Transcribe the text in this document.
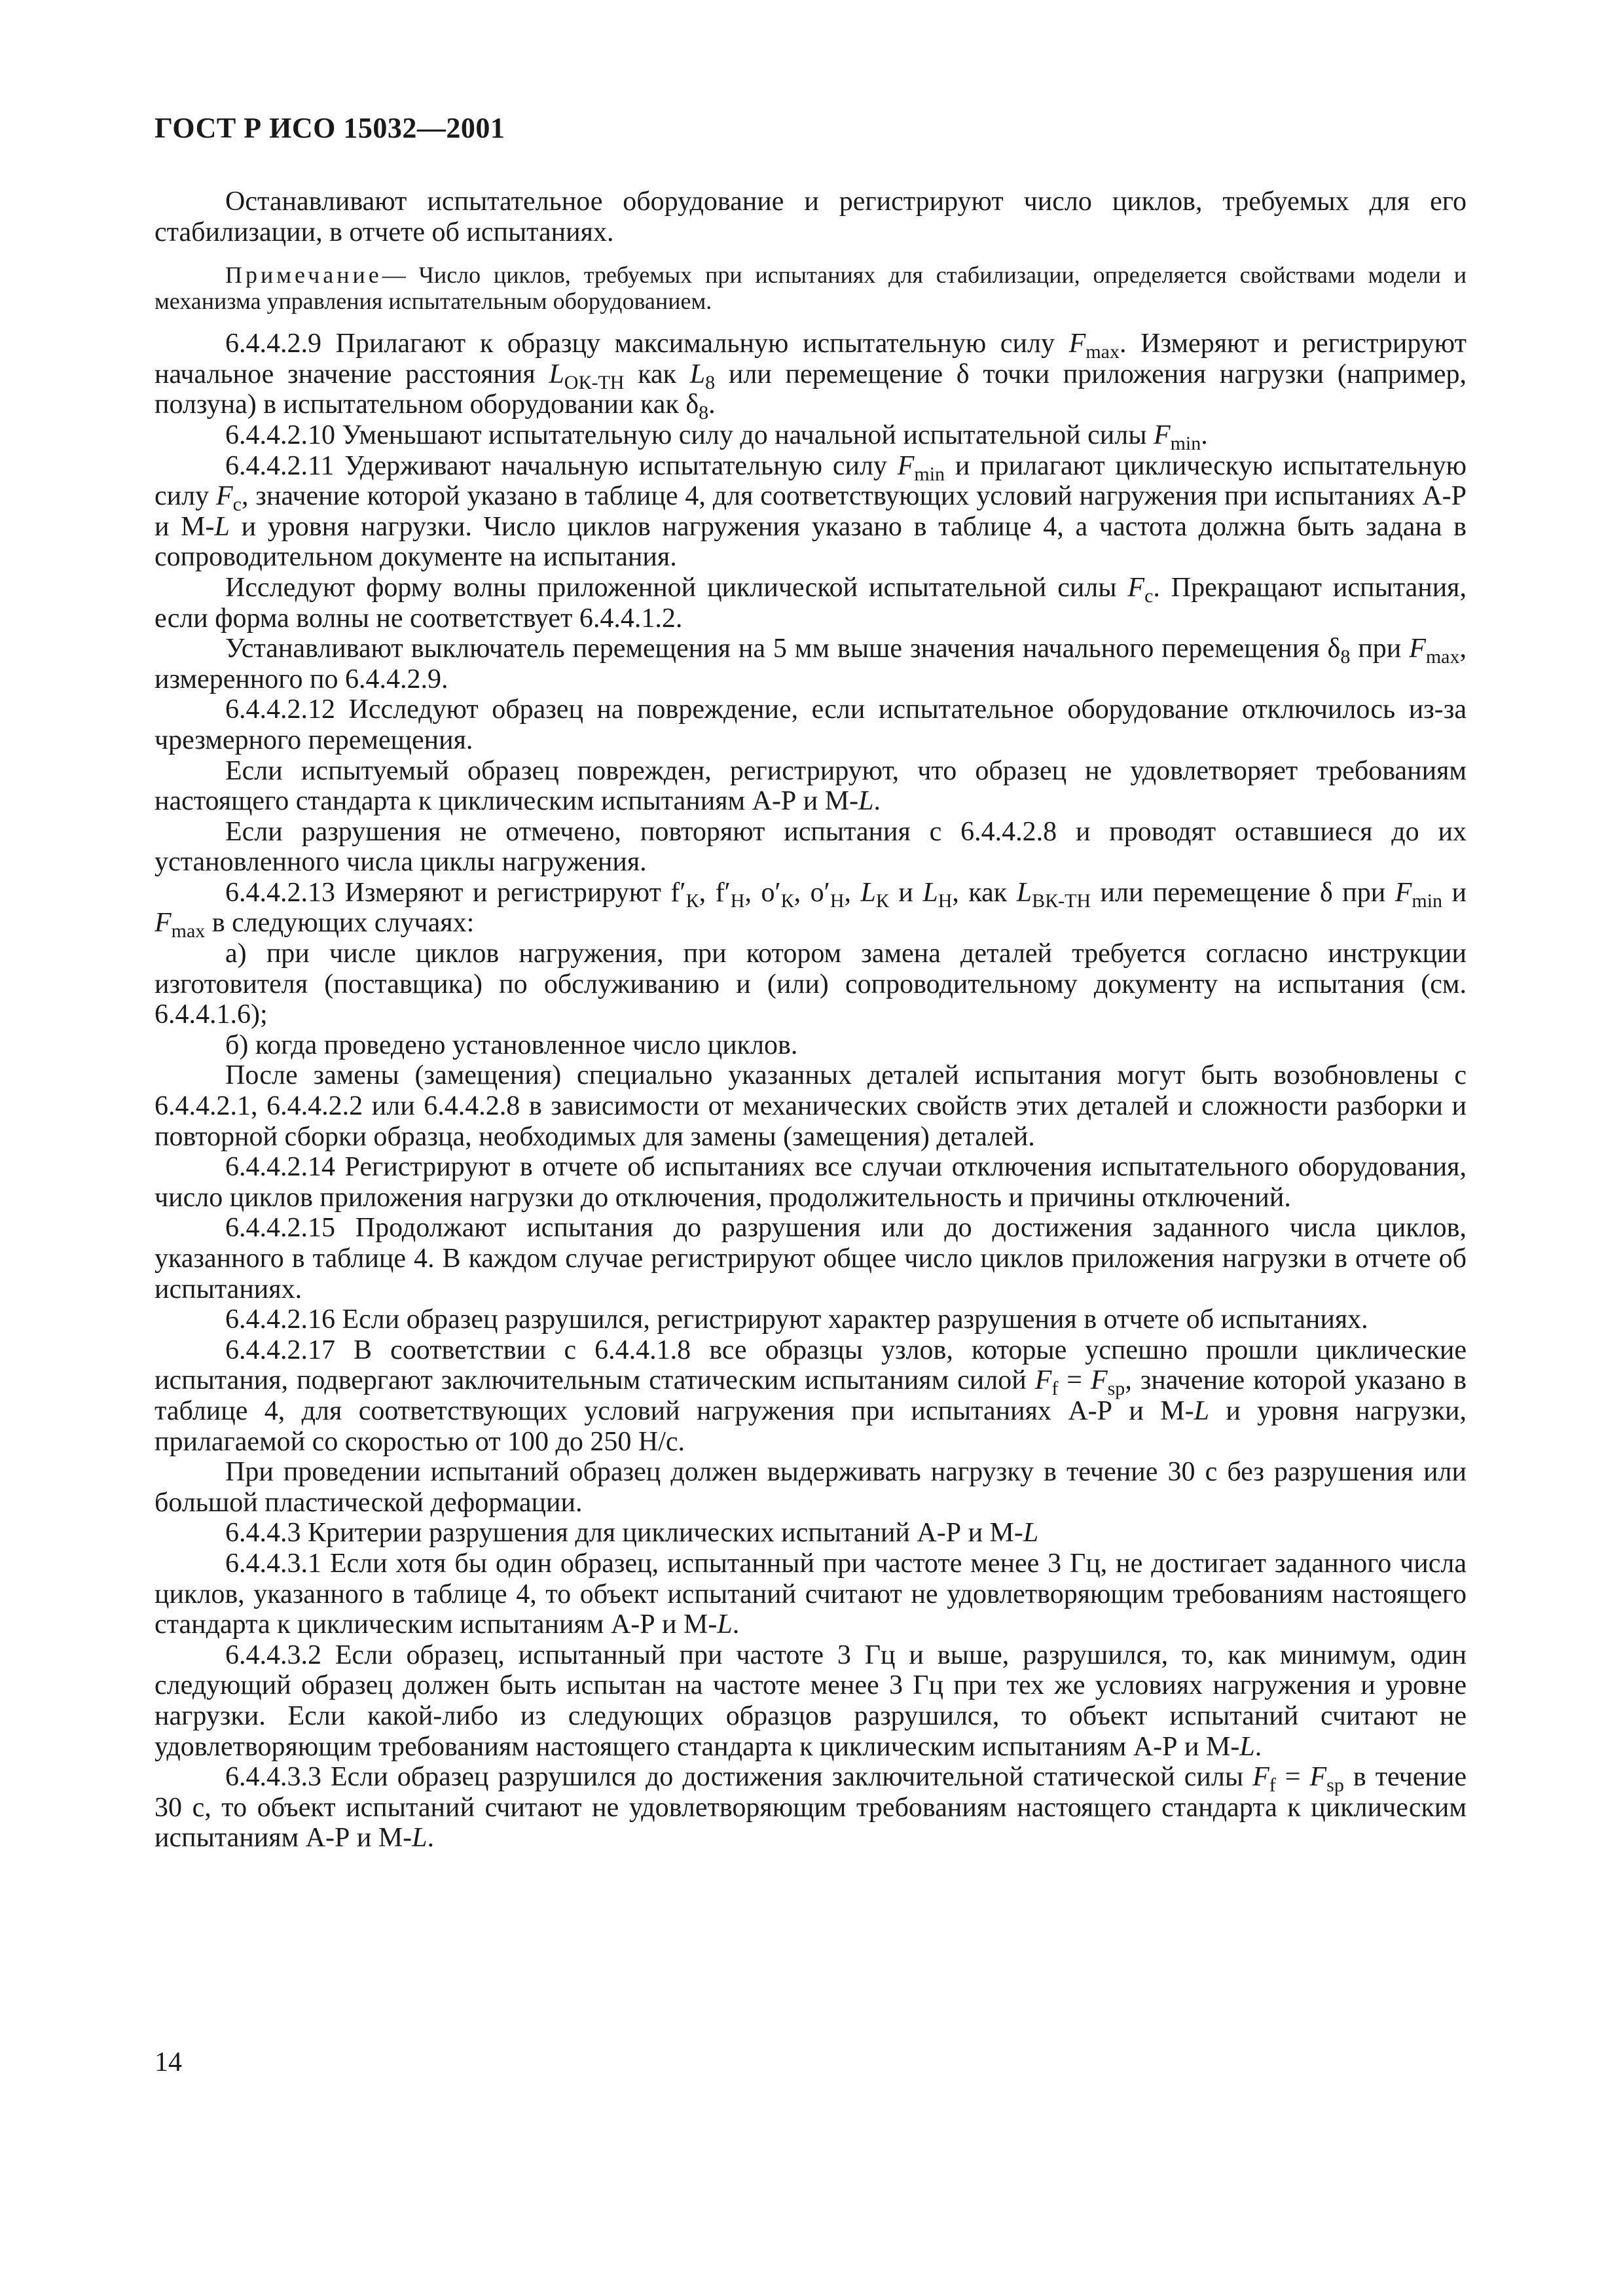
ГОСТ Р ИСО 15032—2001

Останавливают испытательное оборудование и регистрируют число циклов, требуемых для его стабилизации, в отчете об испытаниях.

Примечание— Число циклов, требуемых при испытаниях для стабилизации, определяется свойствами модели и механизма управления испытательным оборудованием.

6.4.4.2.9 Прилагают к образцу максимальную испытательную силу $F_{max}$. Измеряют и регистрируют начальное значение расстояния $L_{ОК-ТН}$ как $L_8$ или перемещение δ точки приложения нагрузки (например, ползуна) в испытательном оборудовании как $\delta_8$.

6.4.4.2.10 Уменьшают испытательную силу до начальной испытательной силы $F_{min}$.

6.4.4.2.11 Удерживают начальную испытательную силу $F_{min}$ и прилагают циклическую испытательную силу $F_c$, значение которой указано в таблице 4, для соответствующих условий нагружения при испытаниях А-Р и М-L и уровня нагрузки. Число циклов нагружения указано в таблице 4, а частота должна быть задана в сопроводительном документе на испытания.

Исследуют форму волны приложенной циклической испытательной силы $F_c$. Прекращают испытания, если форма волны не соответствует 6.4.4.1.2.

Устанавливают выключатель перемещения на 5 мм выше значения начального перемещения $\delta_8$ при $F_{max}$, измеренного по 6.4.4.2.9.

6.4.4.2.12 Исследуют образец на повреждение, если испытательное оборудование отключилось из-за чрезмерного перемещения.

Если испытуемый образец поврежден, регистрируют, что образец не удовлетворяет требованиям настоящего стандарта к циклическим испытаниям А-Р и М-L.

Если разрушения не отмечено, повторяют испытания с 6.4.4.2.8 и проводят оставшиеся до их установленного числа циклы нагружения.

6.4.4.2.13 Измеряют и регистрируют $f'_К$, $f'_Н$, $о'_К$, $о'_Н$, $L_К$ и $L_Н$, как $L_{ВК-ТН}$ или перемещение δ при $F_{min}$ и $F_{max}$ в следующих случаях:

а) при числе циклов нагружения, при котором замена деталей требуется согласно инструкции изготовителя (поставщика) по обслуживанию и (или) сопроводительному документу на испытания (см. 6.4.4.1.6);

б) когда проведено установленное число циклов.

После замены (замещения) специально указанных деталей испытания могут быть возобновлены с 6.4.4.2.1, 6.4.4.2.2 или 6.4.4.2.8 в зависимости от механических свойств этих деталей и сложности разборки и повторной сборки образца, необходимых для замены (замещения) деталей.

6.4.4.2.14 Регистрируют в отчете об испытаниях все случаи отключения испытательного оборудования, число циклов приложения нагрузки до отключения, продолжительность и причины отключений.

6.4.4.2.15 Продолжают испытания до разрушения или до достижения заданного числа циклов, указанного в таблице 4. В каждом случае регистрируют общее число циклов приложения нагрузки в отчете об испытаниях.

6.4.4.2.16 Если образец разрушился, регистрируют характер разрушения в отчете об испытаниях.

6.4.4.2.17 В соответствии с 6.4.4.1.8 все образцы узлов, которые успешно прошли циклические испытания, подвергают заключительным статическим испытаниям силой $F_f = F_{sp}$, значение которой указано в таблице 4, для соответствующих условий нагружения при испытаниях А-Р и М-L и уровня нагрузки, прилагаемой со скоростью от 100 до 250 Н/с.

При проведении испытаний образец должен выдерживать нагрузку в течение 30 с без разрушения или большой пластической деформации.

6.4.4.3 Критерии разрушения для циклических испытаний А-Р и М-L

6.4.4.3.1 Если хотя бы один образец, испытанный при частоте менее 3 Гц, не достигает заданного числа циклов, указанного в таблице 4, то объект испытаний считают не удовлетворяющим требованиям настоящего стандарта к циклическим испытаниям А-Р и М-L.

6.4.4.3.2 Если образец, испытанный при частоте 3 Гц и выше, разрушился, то, как минимум, один следующий образец должен быть испытан на частоте менее 3 Гц при тех же условиях нагружения и уровне нагрузки. Если какой-либо из следующих образцов разрушился, то объект испытаний считают не удовлетворяющим требованиям настоящего стандарта к циклическим испытаниям А-Р и М-L.

6.4.4.3.3 Если образец разрушился до достижения заключительной статической силы $F_f = F_{sp}$ в течение 30 с, то объект испытаний считают не удовлетворяющим требованиям настоящего стандарта к циклическим испытаниям А-Р и М-L.

14
